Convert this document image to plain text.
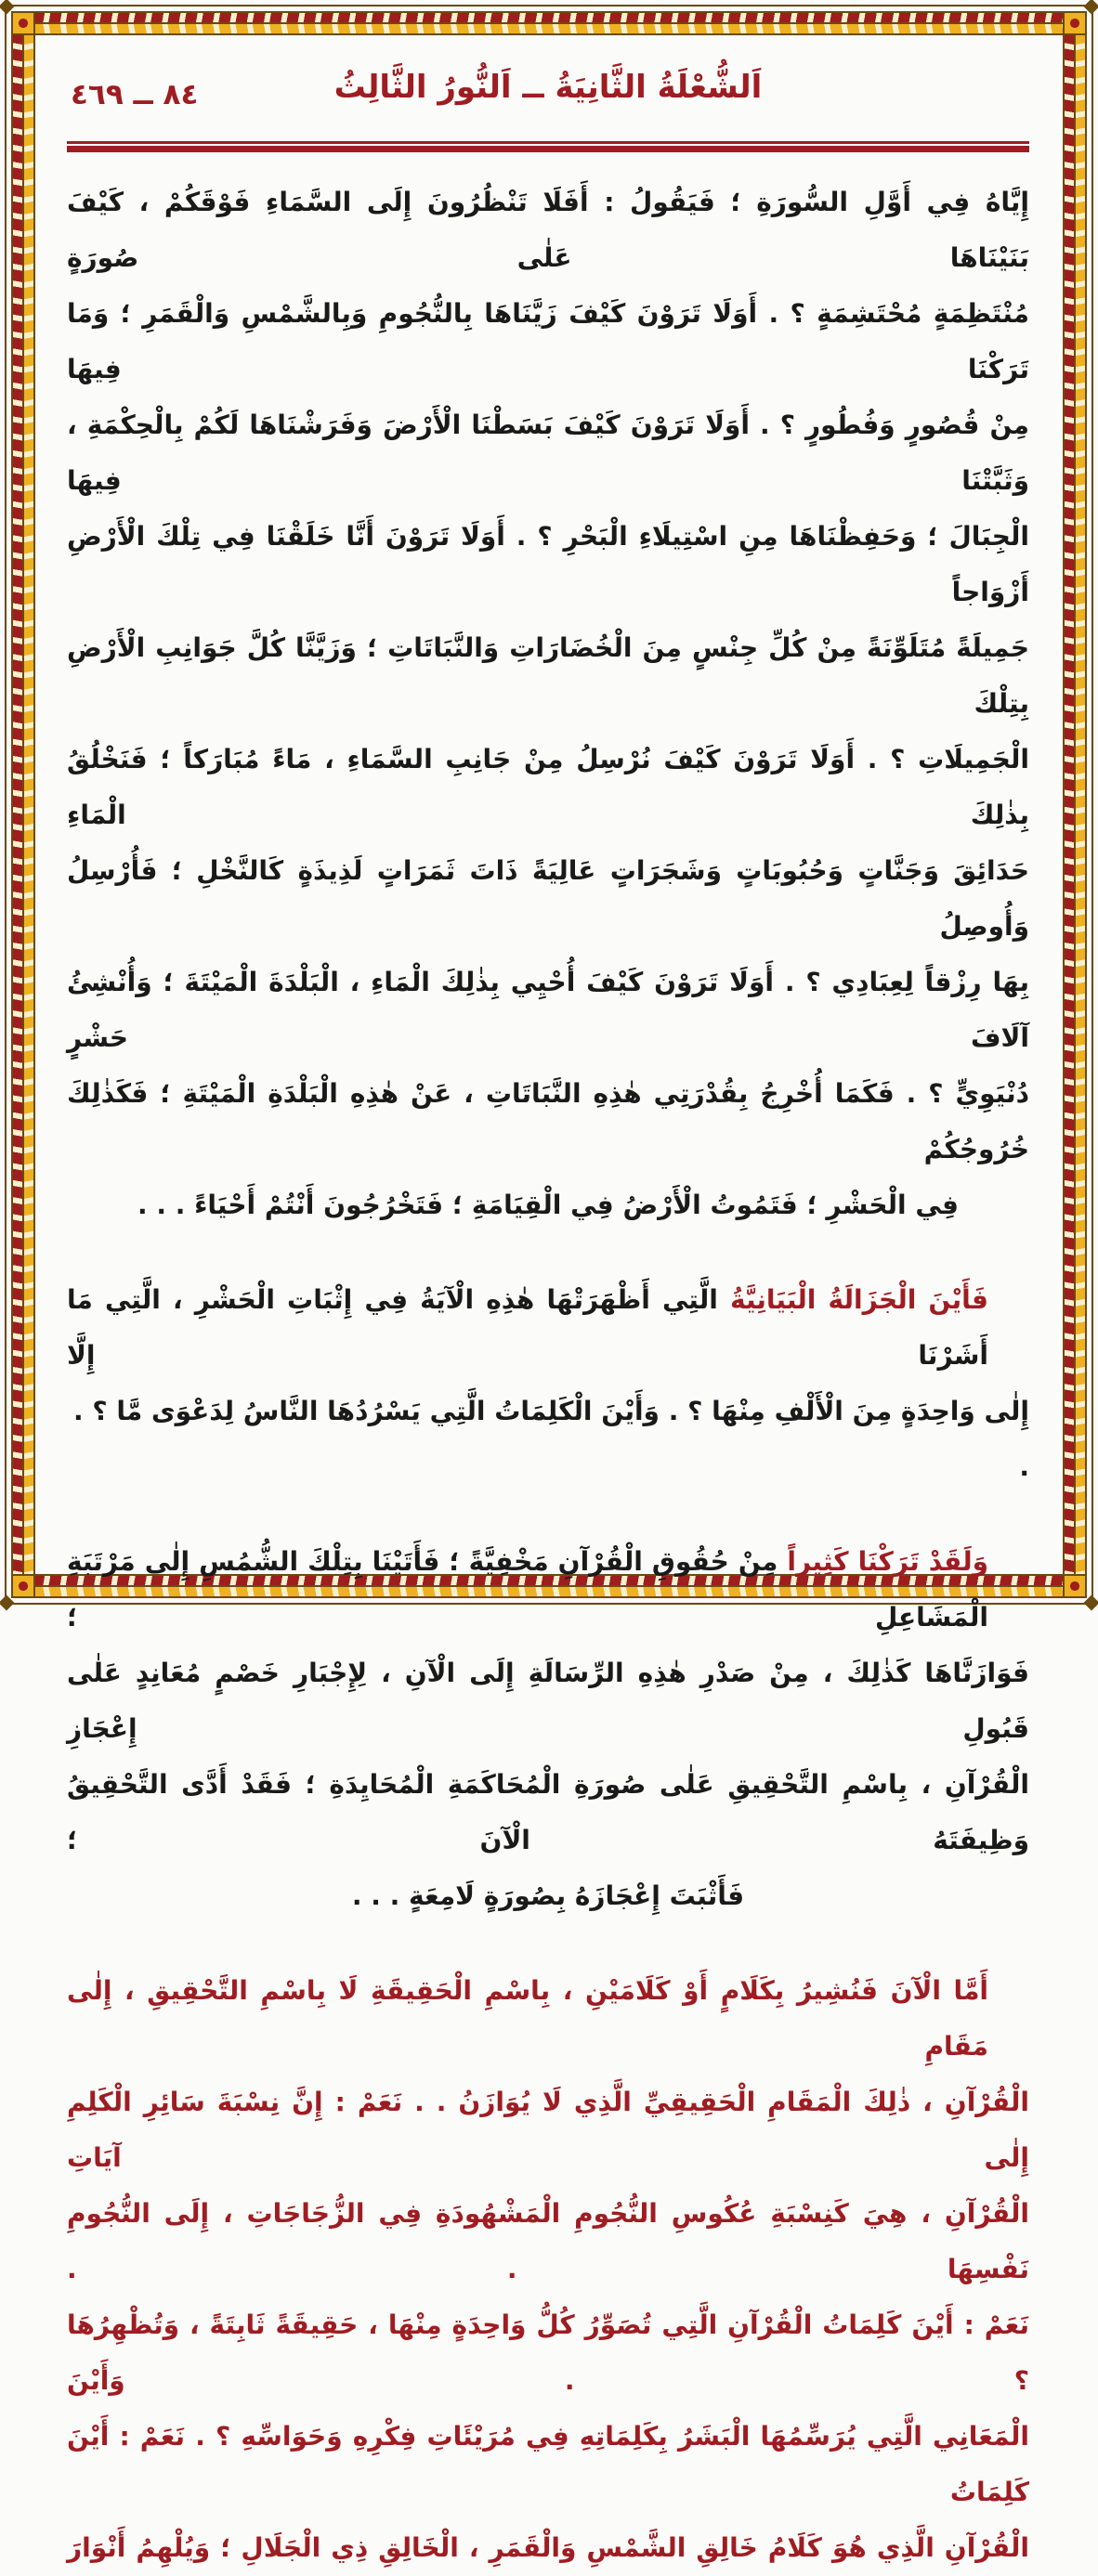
٨٤ ــ ٤٦٩	اَلشُّعْلَةُ الثَّانِيَةُ ــ اَلنُّورُ الثَّالِثُ
إِيَّاهُ فِي أَوَّلِ السُّورَةِ ؛ فَيَقُولُ : أَفَلَا تَنْظُرُونَ إِلَى السَّمَاءِ فَوْقَكُمْ ، كَيْفَ بَنَيْنَاهَا عَلٰى صُورَةٍ
مُنْتَظِمَةٍ مُحْتَشِمَةٍ ؟ . أَوَلَا تَرَوْنَ كَيْفَ زَيَّنَاهَا بِالنُّجُومِ وَبِالشَّمْسِ وَالْقَمَرِ ؛ وَمَا تَرَكْنَا فِيهَا
مِنْ قُصُورٍ وَفُطُورٍ ؟ . أَوَلَا تَرَوْنَ كَيْفَ بَسَطْنَا الْأَرْضَ وَفَرَشْنَاهَا لَكُمْ بِالْحِكْمَةِ ، وَثَبَّتْنَا فِيهَا
الْجِبَالَ ؛ وَحَفِظْنَاهَا مِنِ اسْتِيلَاءِ الْبَحْرِ ؟ . أَوَلَا تَرَوْنَ أَنَّا خَلَقْنَا فِي تِلْكَ الْأَرْضِ أَزْوَاجاً
جَمِيلَةً مُتَلَوِّنَةً مِنْ كُلِّ جِنْسٍ مِنَ الْخُضَارَاتِ وَالنَّبَاتَاتِ ؛ وَزَيَّنَّا كُلَّ جَوَانِبِ الْأَرْضِ بِتِلْكَ
الْجَمِيلَاتِ ؟ . أَوَلَا تَرَوْنَ كَيْفَ نُرْسِلُ مِنْ جَانِبِ السَّمَاءِ ، مَاءً مُبَارَكاً ؛ فَنَخْلُقُ بِذٰلِكَ الْمَاءِ
حَدَائِقَ وَجَنَّاتٍ وَحُبُوبَاتٍ وَشَجَرَاتٍ عَالِيَةً ذَاتَ ثَمَرَاتٍ لَذِيذَةٍ كَالنَّخْلِ ؛ فَأُرْسِلُ وَأُوصِلُ
بِهَا رِزْقاً لِعِبَادِي ؟ . أَوَلَا تَرَوْنَ كَيْفَ أُحْيِي بِذٰلِكَ الْمَاءِ ، الْبَلْدَةَ الْمَيْتَةَ ؛ وَأُنْشِئُ آلَافَ حَشْرٍ
دُنْيَوِيٍّ ؟ . فَكَمَا أُخْرِجُ بِقُدْرَتِي هٰذِهِ النَّبَاتَاتِ ، عَنْ هٰذِهِ الْبَلْدَةِ الْمَيْتَةِ ؛ فَكَذٰلِكَ خُرُوجُكُمْ
فِي الْحَشْرِ ؛ فَتَمُوتُ الْأَرْضُ فِي الْقِيَامَةِ ؛ فَتَخْرُجُونَ أَنْتُمْ أَحْيَاءً . . .
فَأَيْنَ الْجَزَالَةُ الْبَيَانِيَّةُ الَّتِي أَظْهَرَتْهَا هٰذِهِ الْآيَةُ فِي إِثْبَاتِ الْحَشْرِ ، الَّتِي مَا أَشَرْنَا إِلَّا
إِلٰى وَاحِدَةٍ مِنَ الْأَلْفِ مِنْهَا ؟ . وَأَيْنَ الْكَلِمَاتُ الَّتِي يَسْرُدُهَا النَّاسُ لِدَعْوَى مَّا ؟ . .
وَلَقَدْ تَرَكْنَا كَثِيراً مِنْ حُقُوقِ الْقُرْآنِ مَخْفِيَّةً ؛ فَأَتَيْنَا بِتِلْكَ الشُّمُسِ إِلٰى مَرْتَبَةِ الْمَشَاعِلِ ؛
فَوَازَنَّاهَا كَذٰلِكَ ، مِنْ صَدْرِ هٰذِهِ الرِّسَالَةِ إِلَى الْآنِ ، لِإِجْبَارِ خَصْمٍ مُعَانِدٍ عَلٰى قَبُولِ إِعْجَازِ
الْقُرْآنِ ، بِاسْمِ التَّحْقِيقِ عَلٰى صُورَةِ الْمُحَاكَمَةِ الْمُحَايِدَةِ ؛ فَقَدْ أَدَّى التَّحْقِيقُ وَظِيفَتَهُ الْآنَ ؛
فَأَثْبَتَ إِعْجَازَهُ بِصُورَةٍ لَامِعَةٍ . . .
أَمَّا الْآنَ فَنُشِيرُ بِكَلَامٍ أَوْ كَلَامَيْنِ ، بِاسْمِ الْحَقِيقَةِ لَا بِاسْمِ التَّحْقِيقِ ، إِلٰى مَقَامِ
الْقُرْآنِ ، ذٰلِكَ الْمَقَامِ الْحَقِيقِيِّ الَّذِي لَا يُوَازَنُ . . نَعَمْ : إِنَّ نِسْبَةَ سَائِرِ الْكَلِمِ إِلٰى آيَاتِ
الْقُرْآنِ ، هِيَ كَنِسْبَةِ عُكُوسِ النُّجُومِ الْمَشْهُودَةِ فِي الزُّجَاجَاتِ ، إِلَى النُّجُومِ نَفْسِهَا . .
نَعَمْ : أَيْنَ كَلِمَاتُ الْقُرْآنِ الَّتِي تُصَوِّرُ كُلُّ وَاحِدَةٍ مِنْهَا ، حَقِيقَةً ثَابِتَةً ، وَتُظْهِرُهَا ؟ . وَأَيْنَ
الْمَعَانِي الَّتِي يُرَسِّمُهَا الْبَشَرُ بِكَلِمَاتِهِ فِي مُرَيْئَاتِ فِكْرِهِ وَحَوَاسِّهِ ؟ . نَعَمْ : أَيْنَ كَلِمَاتُ
الْقُرْآنِ الَّذِي هُوَ كَلَامُ خَالِقِ الشَّمْسِ وَالْقَمَرِ ، الْخَالِقِ ذِي الْجَلَالِ ؛ وَيُلْهِمُ أَنْوَارَ
